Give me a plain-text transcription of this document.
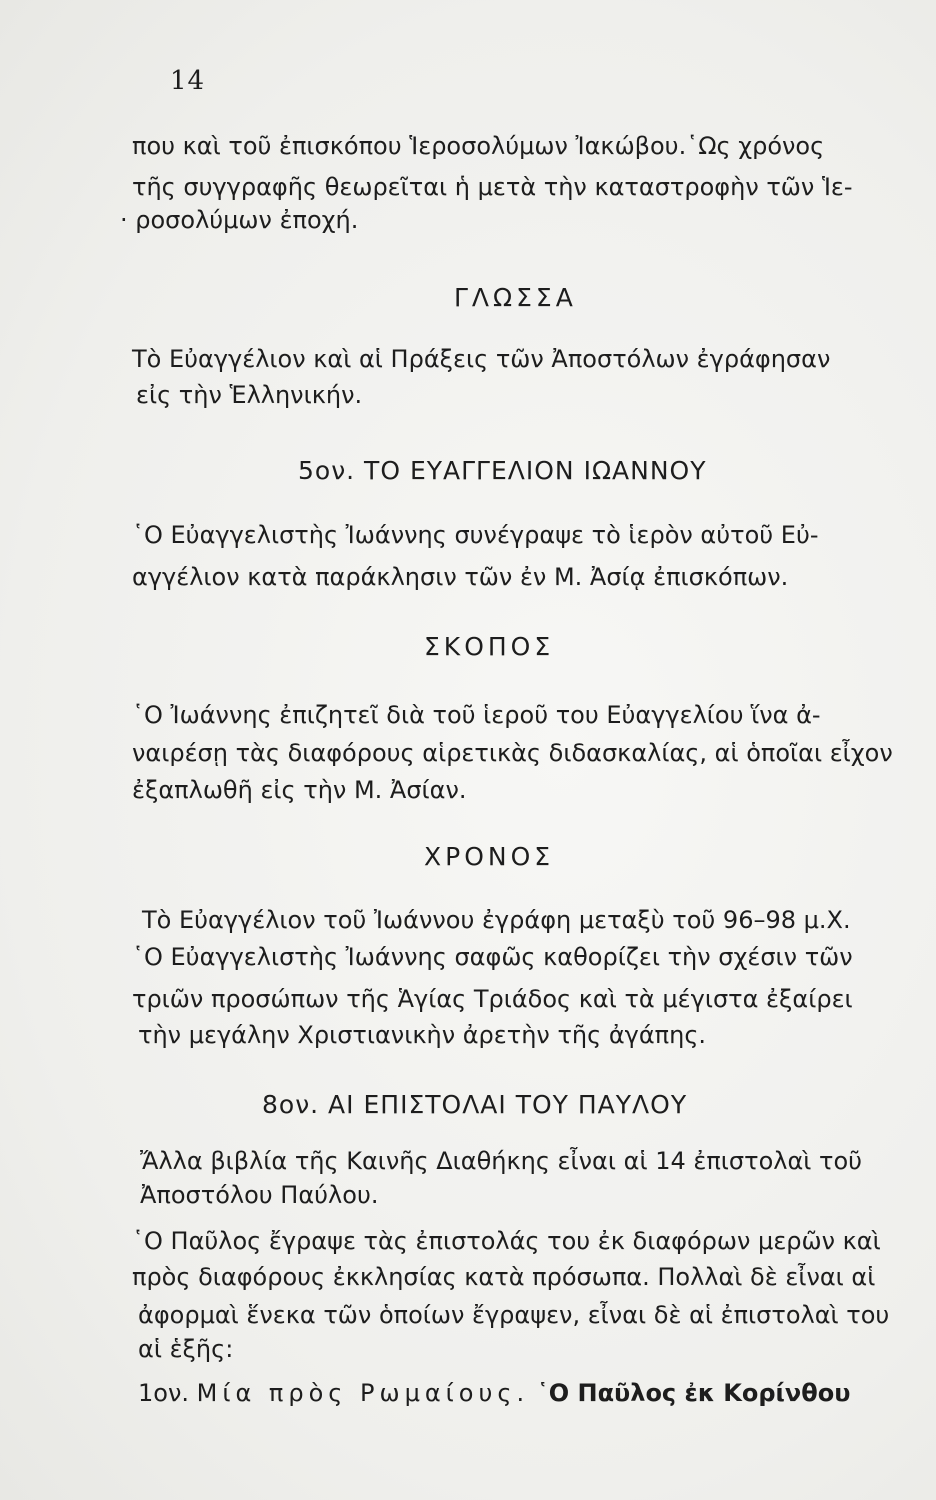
14
που καὶ τοῦ ἐπισκόπου Ἱεροσολύμων Ἰακώβου.῾Ως χρόνος
τῆς συγγραφῆς θεωρεῖται ἡ μετὰ τὴν καταστροφὴν τῶν Ἱε-
· ροσολύμων ἐποχή.
ΓΛΩΣΣΑ
Τὸ Εὐαγγέλιον καὶ αἱ Πράξεις τῶν Ἀποστόλων ἐγράφησαν
εἰς τὴν Ἑλληνικήν.
5ον. ΤΟ ΕΥΑΓΓΕΛΙΟΝ ΙΩΑΝΝΟΥ
῾Ο Εὐαγγελιστὴς Ἰωάννης συνέγραψε τὸ ἱερὸν αὐτοῦ Εὐ-
αγγέλιον κατὰ παράκλησιν τῶν ἐν Μ. Ἀσίᾳ ἐπισκόπων.
ΣΚΟΠΟΣ
῾Ο Ἰωάννης ἐπιζητεῖ διὰ τοῦ ἱεροῦ του Εὐαγγελίου ἵνα ἀ-
ναιρέσῃ τὰς διαφόρους αἱρετικὰς διδασκαλίας, αἱ ὁποῖαι εἶχον
ἐξαπλωθῆ εἰς τὴν Μ. Ἀσίαν.
ΧΡΟΝΟΣ
Τὸ Εὐαγγέλιον τοῦ Ἰωάννου ἐγράφη μεταξὺ τοῦ 96–98 μ.Χ.
῾Ο Εὐαγγελιστὴς Ἰωάννης σαφῶς καθορίζει τὴν σχέσιν τῶν
τριῶν προσώπων τῆς Ἁγίας Τριάδος καὶ τὰ μέγιστα ἐξαίρει
τὴν μεγάλην Χριστιανικὴν ἀρετὴν τῆς ἀγάπης.
8ον. ΑΙ ΕΠΙΣΤΟΛΑΙ ΤΟΥ ΠΑΥΛΟΥ
Ἄλλα βιβλία τῆς Καινῆς Διαθήκης εἶναι αἱ 14 ἐπιστολαὶ τοῦ
Ἀποστόλου Παύλου.
῾Ο Παῦλος ἔγραψε τὰς ἐπιστολάς του ἐκ διαφόρων μερῶν καὶ
πρὸς διαφόρους ἐκκλησίας κατὰ πρόσωπα. Πολλαὶ δὲ εἶναι αἱ
ἀφορμαὶ ἕνεκα τῶν ὁποίων ἔγραψεν, εἶναι δὲ αἱ ἐπιστολαὶ του
αἱ ἑξῆς:
1ον. Μία πρὸς Ρωμαίους. ῾Ο Παῦλος ἐκ Κορίνθου
